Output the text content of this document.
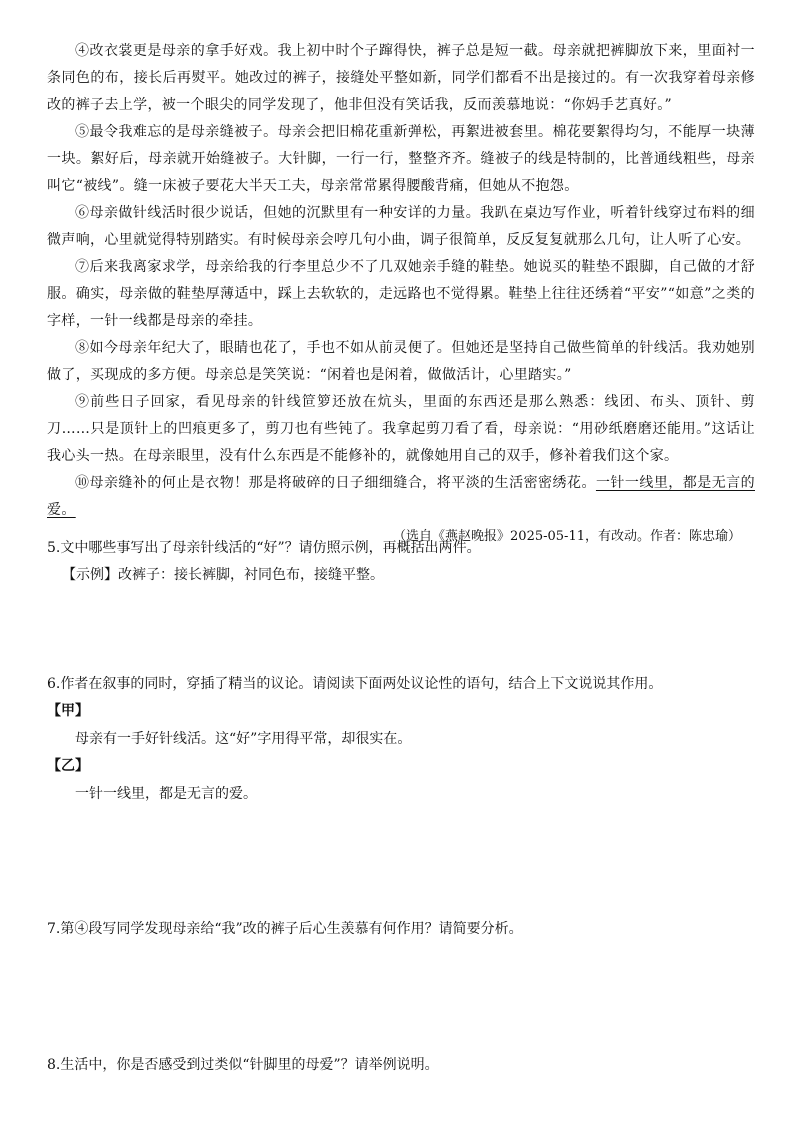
④改衣裳更是母亲的拿手好戏。我上初中时个子蹿得快，裤子总是短一截。母亲就把裤脚放下来，里面衬一条同色的布，接长后再熨平。她改过的裤子，接缝处平整如新，同学们都看不出是接过的。有一次我穿着母亲修改的裤子去上学，被一个眼尖的同学发现了，他非但没有笑话我，反而羡慕地说：“你妈手艺真好。”

⑤最令我难忘的是母亲缝被子。母亲会把旧棉花重新弹松，再絮进被套里。棉花要絮得均匀，不能厚一块薄一块。絮好后，母亲就开始缝被子。大针脚，一行一行，整整齐齐。缝被子的线是特制的，比普通线粗些，母亲叫它“被线”。缝一床被子要花大半天工夫，母亲常常累得腰酸背痛，但她从不抱怨。

⑥母亲做针线活时很少说话，但她的沉默里有一种安详的力量。我趴在桌边写作业，听着针线穿过布料的细微声响，心里就觉得特别踏实。有时候母亲会哼几句小曲，调子很简单，反反复复就那么几句，让人听了心安。

⑦后来我离家求学，母亲给我的行李里总少不了几双她亲手缝的鞋垫。她说买的鞋垫不跟脚，自己做的才舒服。确实，母亲做的鞋垫厚薄适中，踩上去软软的，走远路也不觉得累。鞋垫上往往还绣着“平安”“如意”之类的字样，一针一线都是母亲的牵挂。

⑧如今母亲年纪大了，眼睛也花了，手也不如从前灵便了。但她还是坚持自己做些简单的针线活。我劝她别做了，买现成的多方便。母亲总是笑笑说：“闲着也是闲着，做做活计，心里踏实。”

⑨前些日子回家，看见母亲的针线笸箩还放在炕头，里面的东西还是那么熟悉：线团、布头、顶针、剪刀……只是顶针上的凹痕更多了，剪刀也有些钝了。我拿起剪刀看了看，母亲说：“用砂纸磨磨还能用。”这话让我心头一热。在母亲眼里，没有什么东西是不能修补的，就像她用自己的双手，修补着我们这个家。

⑩母亲缝补的何止是衣物！那是将破碎的日子细细缝合，将平淡的生活密密绣花。一针一线里，都是无言的爱。

（选自《燕赵晚报》2025-05-11，有改动。作者：陈忠瑜）

5.文中哪些事写出了母亲针线活的“好”？请仿照示例，再概括出两件。

【示例】改裤子：接长裤脚，衬同色布，接缝平整。

6.作者在叙事的同时，穿插了精当的议论。请阅读下面两处议论性的语句，结合上下文说说其作用。

【甲】

母亲有一手好针线活。这“好”字用得平常，却很实在。

【乙】

一针一线里，都是无言的爱。

7.第④段写同学发现母亲给“我”改的裤子后心生羡慕有何作用？请简要分析。

8.生活中，你是否感受到过类似“针脚里的母爱”？请举例说明。
